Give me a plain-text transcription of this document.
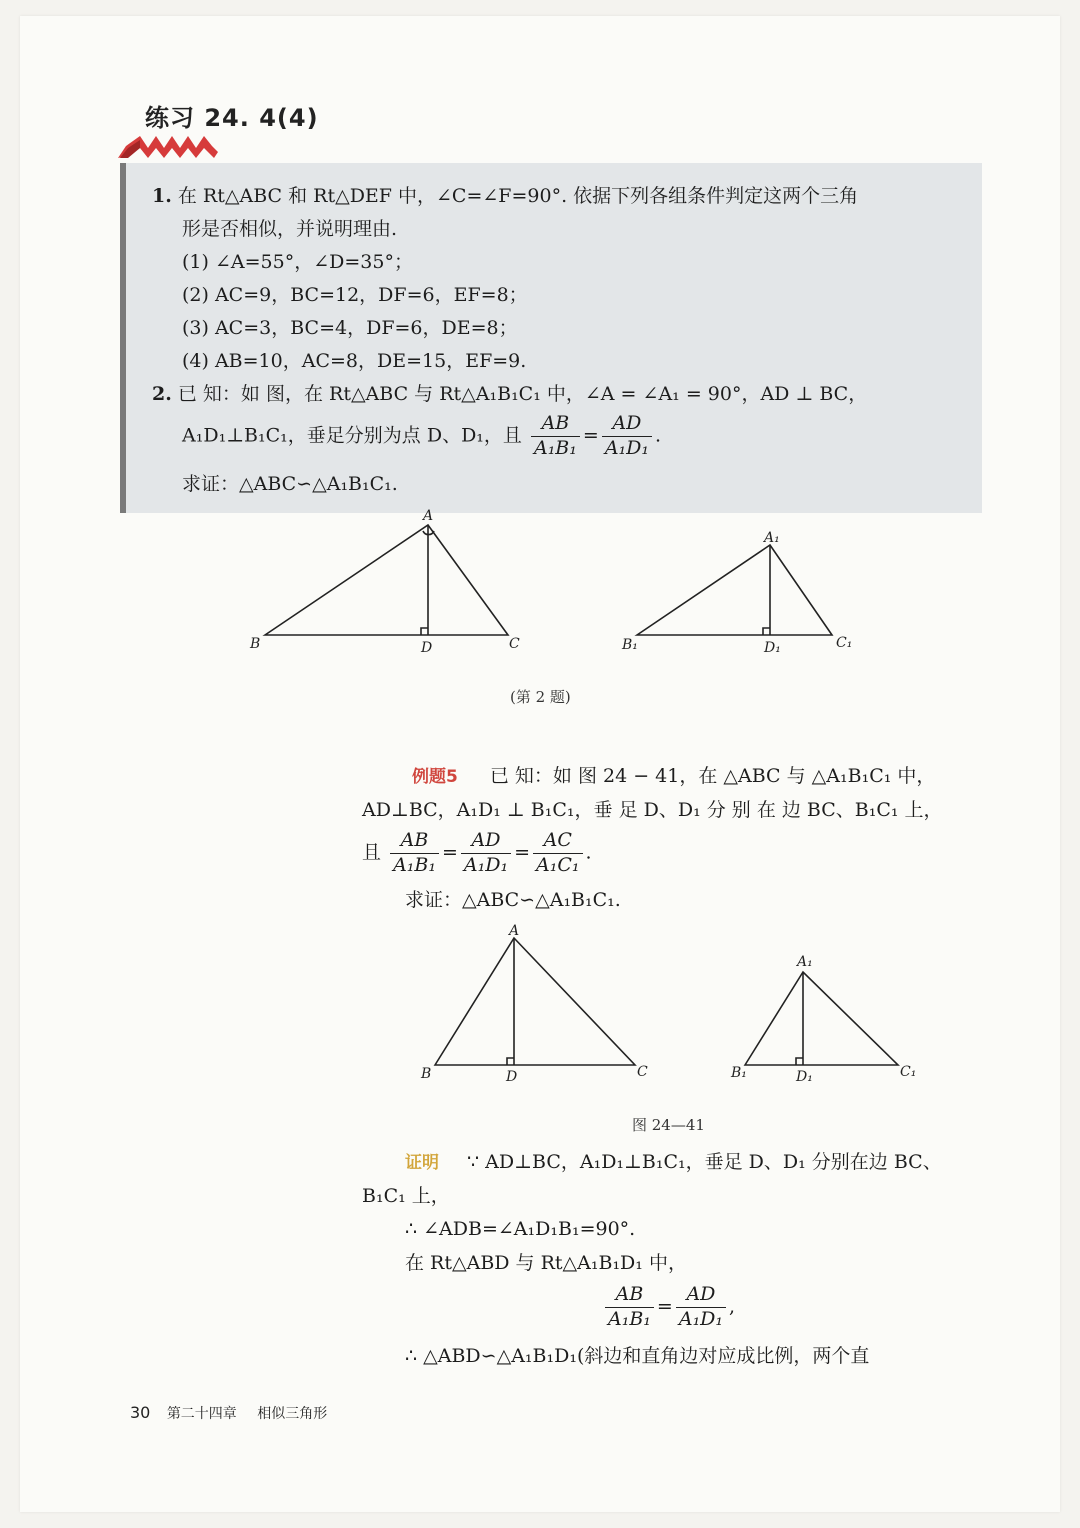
练习 24. 4(4)
1. 在 Rt△ABC 和 Rt△DEF 中，∠C=∠F=90°. 依据下列各组条件判定这两个三角
形是否相似，并说明理由.
(1) ∠A=55°，∠D=35°；
(2) AC=9，BC=12，DF=6，EF=8；
(3) AC=3，BC=4，DF=6，DE=8；
(4) AB=10，AC=8，DE=15，EF=9.
2. 已 知：如 图，在 Rt△ABC 与 Rt△A₁B₁C₁ 中，∠A = ∠A₁ = 90°，AD ⊥ BC，
A₁D₁⊥B₁C₁，垂足分别为点 D、D₁，且 $\frac{AB}{\text{A₁B₁}} = \frac{AD}{\text{A₁D₁}}$ .
求证：△ABC∽△A₁B₁C₁.
A
B	C
D
A₁
B₁	C₁
D₁
(第 2 题)
例题5 已 知：如 图 24 − 41，在 △ABC 与 △A₁B₁C₁ 中，
AD⊥BC，A₁D₁ ⊥ B₁C₁，垂 足 D、D₁ 分 别 在 边 BC、B₁C₁ 上，
且 $\frac{AB}{\text{A₁B₁}} = \frac{AD}{\text{A₁D₁}} = \frac{AC}{\text{A₁C₁}}$ .
求证：△ABC∽△A₁B₁C₁.
A
B	C
D
A₁
B₁	C₁
D₁
图 24—41
证明 ∵ AD⊥BC，A₁D₁⊥B₁C₁，垂足 D、D₁ 分别在边 BC、
B₁C₁ 上，
∴ ∠ADB=∠A₁D₁B₁=90°.
在 Rt△ABD 与 Rt△A₁B₁D₁ 中，
$\frac{AB}{\text{A₁B₁}} = \frac{AD}{\text{A₁D₁}}$ ,
∴ △ABD∽△A₁B₁D₁(斜边和直角边对应成比例，两个直
30 第二十四章 相似三角形
